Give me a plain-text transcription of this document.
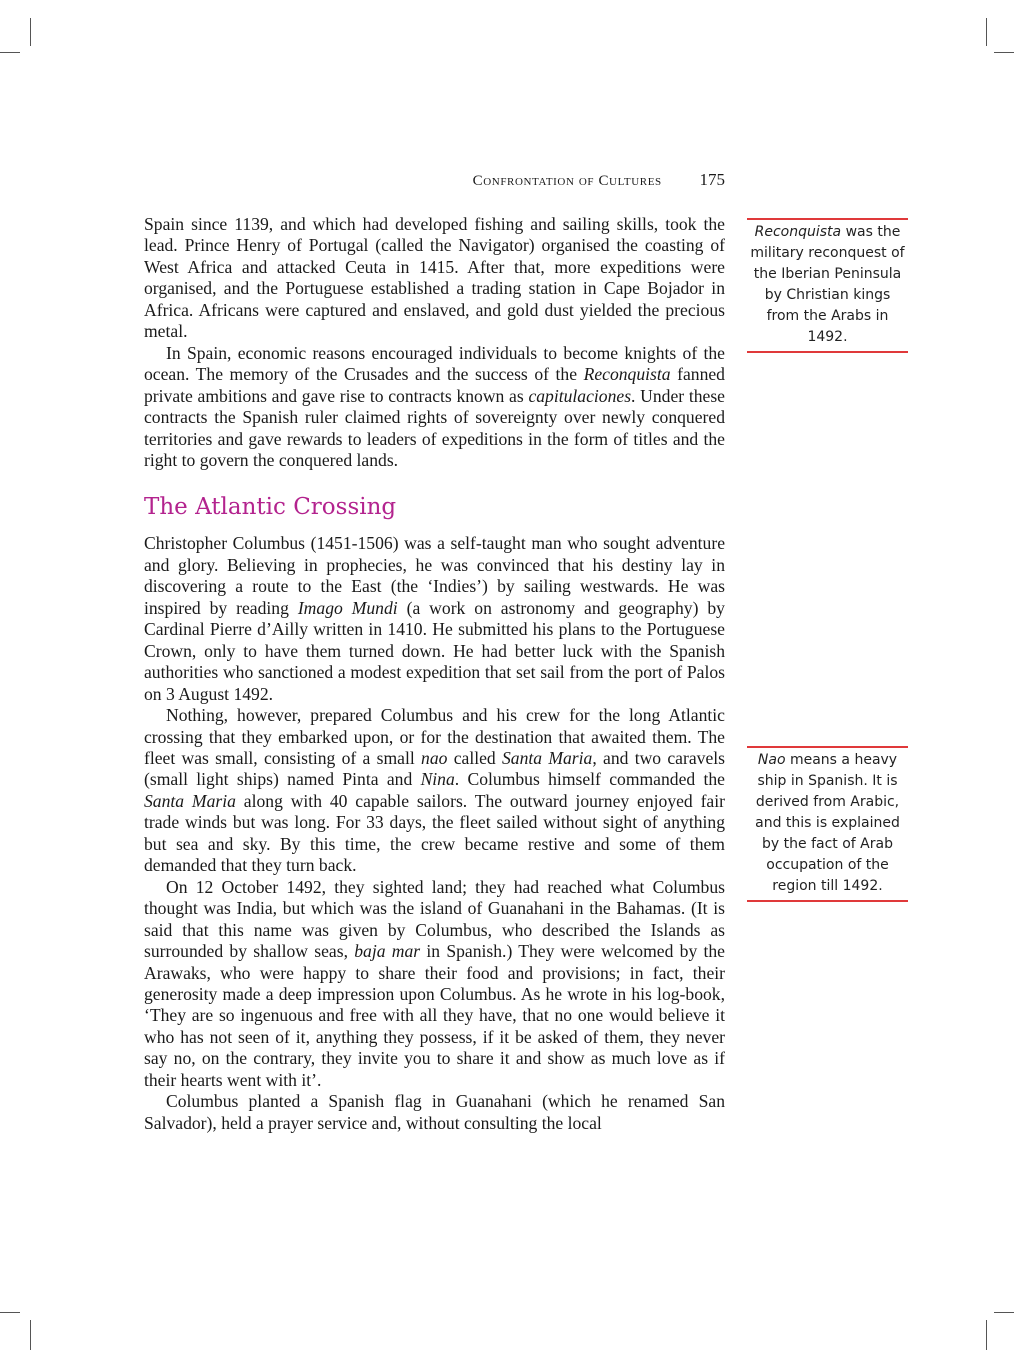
Confrontation of Cultures 175

Spain since 1139, and which had developed fishing and sailing skills, took the lead. Prince Henry of Portugal (called the Navigator) organised the coasting of West Africa and attacked Ceuta in 1415. After that, more expeditions were organised, and the Portuguese established a trading station in Cape Bojador in Africa. Africans were captured and enslaved, and gold dust yielded the precious metal.

In Spain, economic reasons encouraged individuals to become knights of the ocean. The memory of the Crusades and the success of the Reconquista fanned private ambitions and gave rise to contracts known as capitulaciones. Under these contracts the Spanish ruler claimed rights of sovereignty over newly conquered territories and gave rewards to leaders of expeditions in the form of titles and the right to govern the conquered lands.

The Atlantic Crossing

Christopher Columbus (1451-1506) was a self-taught man who sought adventure and glory. Believing in prophecies, he was convinced that his destiny lay in discovering a route to the East (the ‘Indies’) by sailing westwards. He was inspired by reading Imago Mundi (a work on astronomy and geography) by Cardinal Pierre d’Ailly written in 1410. He submitted his plans to the Portuguese Crown, only to have them turned down. He had better luck with the Spanish authorities who sanctioned a modest expedition that set sail from the port of Palos on 3 August 1492.

Nothing, however, prepared Columbus and his crew for the long Atlantic crossing that they embarked upon, or for the destination that awaited them. The fleet was small, consisting of a small nao called Santa Maria, and two caravels (small light ships) named Pinta and Nina. Columbus himself commanded the Santa Maria along with 40 capable sailors. The outward journey enjoyed fair trade winds but was long. For 33 days, the fleet sailed without sight of anything but sea and sky. By this time, the crew became restive and some of them demanded that they turn back.

On 12 October 1492, they sighted land; they had reached what Columbus thought was India, but which was the island of Guanahani in the Bahamas. (It is said that this name was given by Columbus, who described the Islands as surrounded by shallow seas, baja mar in Spanish.) They were welcomed by the Arawaks, who were happy to share their food and provisions; in fact, their generosity made a deep impression upon Columbus. As he wrote in his log-book, ‘They are so ingenuous and free with all they have, that no one would believe it who has not seen of it, anything they possess, if it be asked of them, they never say no, on the contrary, they invite you to share it and show as much love as if their hearts went with it’.

Columbus planted a Spanish flag in Guanahani (which he renamed San Salvador), held a prayer service and, without consulting the local

Reconquista was the military reconquest of the Iberian Peninsula by Christian kings from the Arabs in 1492.
Nao means a heavy ship in Spanish. It is derived from Arabic, and this is explained by the fact of Arab occupation of the region till 1492.
